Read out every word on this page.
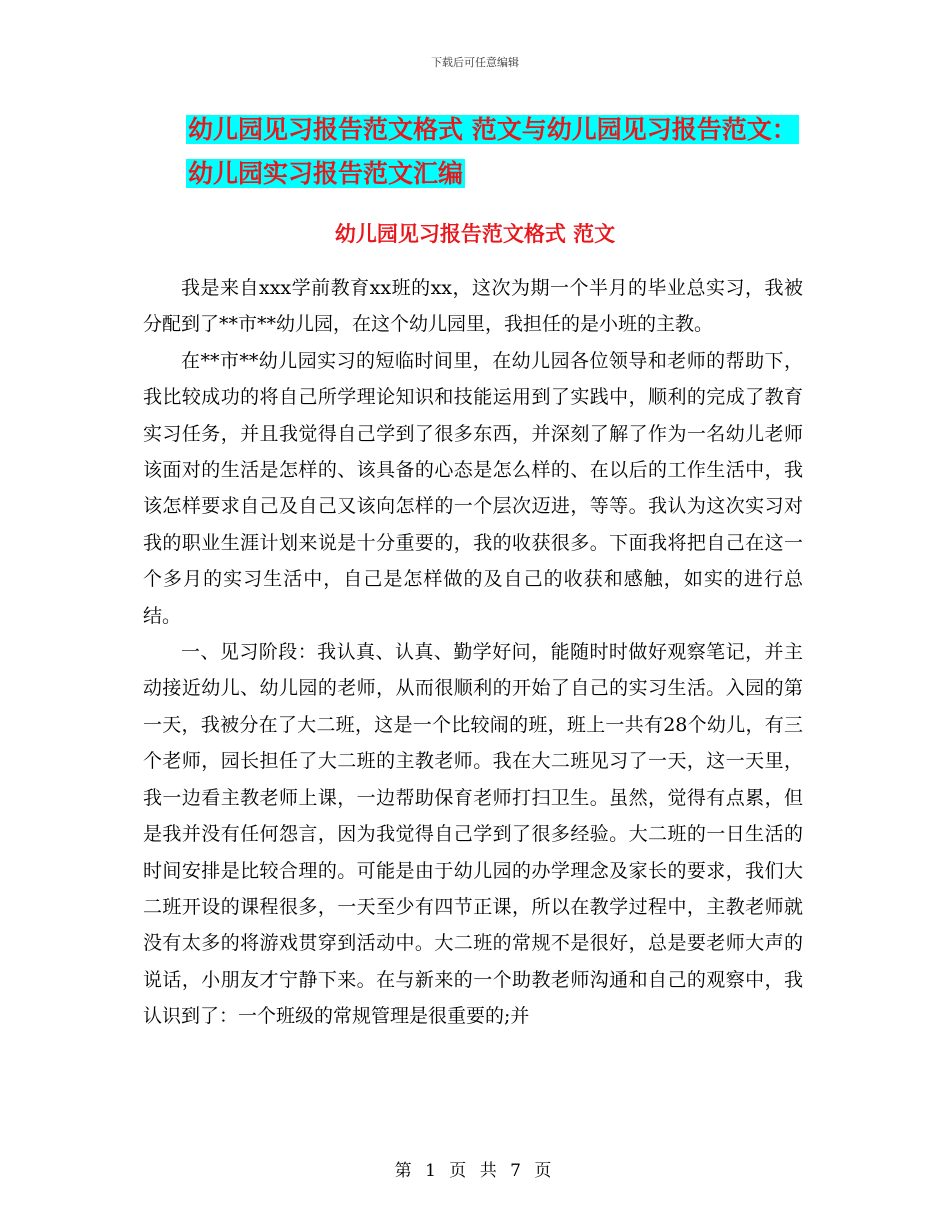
下载后可任意编辑
幼儿园见习报告范文格式 范文与幼儿园见习报告范文：
幼儿园实习报告范文汇编
幼儿园见习报告范文格式 范文

我是来自xxx学前教育xx班的xx，这次为期一个半月的毕业总实习，我被分配到了**市**幼儿园，在这个幼儿园里，我担任的是小班的主教。

在**市**幼儿园实习的短临时间里，在幼儿园各位领导和老师的帮助下，我比较成功的将自己所学理论知识和技能运用到了实践中，顺利的完成了教育实习任务，并且我觉得自己学到了很多东西，并深刻了解了作为一名幼儿老师该面对的生活是怎样的、该具备的心态是怎么样的、在以后的工作生活中，我该怎样要求自己及自己又该向怎样的一个层次迈进，等等。我认为这次实习对我的职业生涯计划来说是十分重要的，我的收获很多。下面我将把自己在这一个多月的实习生活中，自己是怎样做的及自己的收获和感触，如实的进行总结。

一、见习阶段：我认真、认真、勤学好问，能随时时做好观察笔记，并主动接近幼儿、幼儿园的老师，从而很顺利的开始了自己的实习生活。入园的第一天，我被分在了大二班，这是一个比较闹的班，班上一共有28个幼儿，有三个老师，园长担任了大二班的主教老师。我在大二班见习了一天，这一天里，我一边看主教老师上课，一边帮助保育老师打扫卫生。虽然，觉得有点累，但是我并没有任何怨言，因为我觉得自己学到了很多经验。大二班的一日生活的时间安排是比较合理的。可能是由于幼儿园的办学理念及家长的要求，我们大二班开设的课程很多，一天至少有四节正课，所以在教学过程中，主教老师就没有太多的将游戏贯穿到活动中。大二班的常规不是很好，总是要老师大声的说话，小朋友才宁静下来。在与新来的一个助教老师沟通和自己的观察中，我认识到了：一个班级的常规管理是很重要的;并

第 1 页 共 7 页
